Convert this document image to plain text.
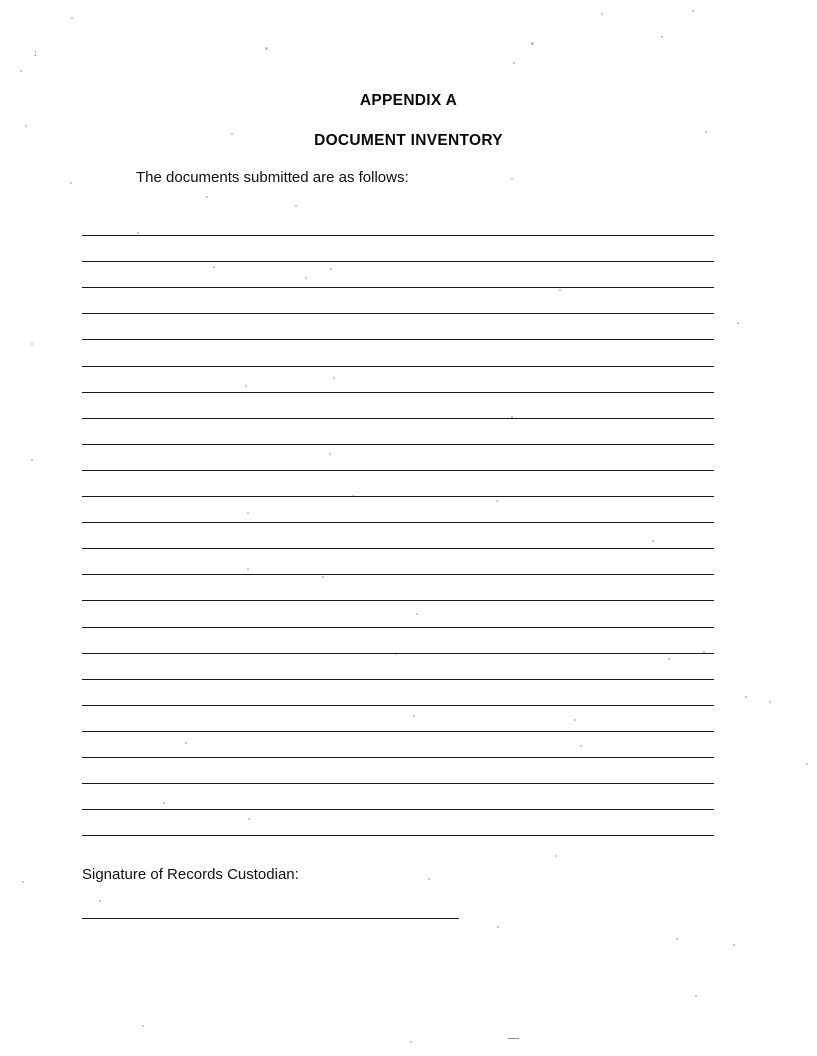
:      
APPENDIX A
DOCUMENT INVENTORY
The documents submitted are as follows:
Signature of Records Custodian:
